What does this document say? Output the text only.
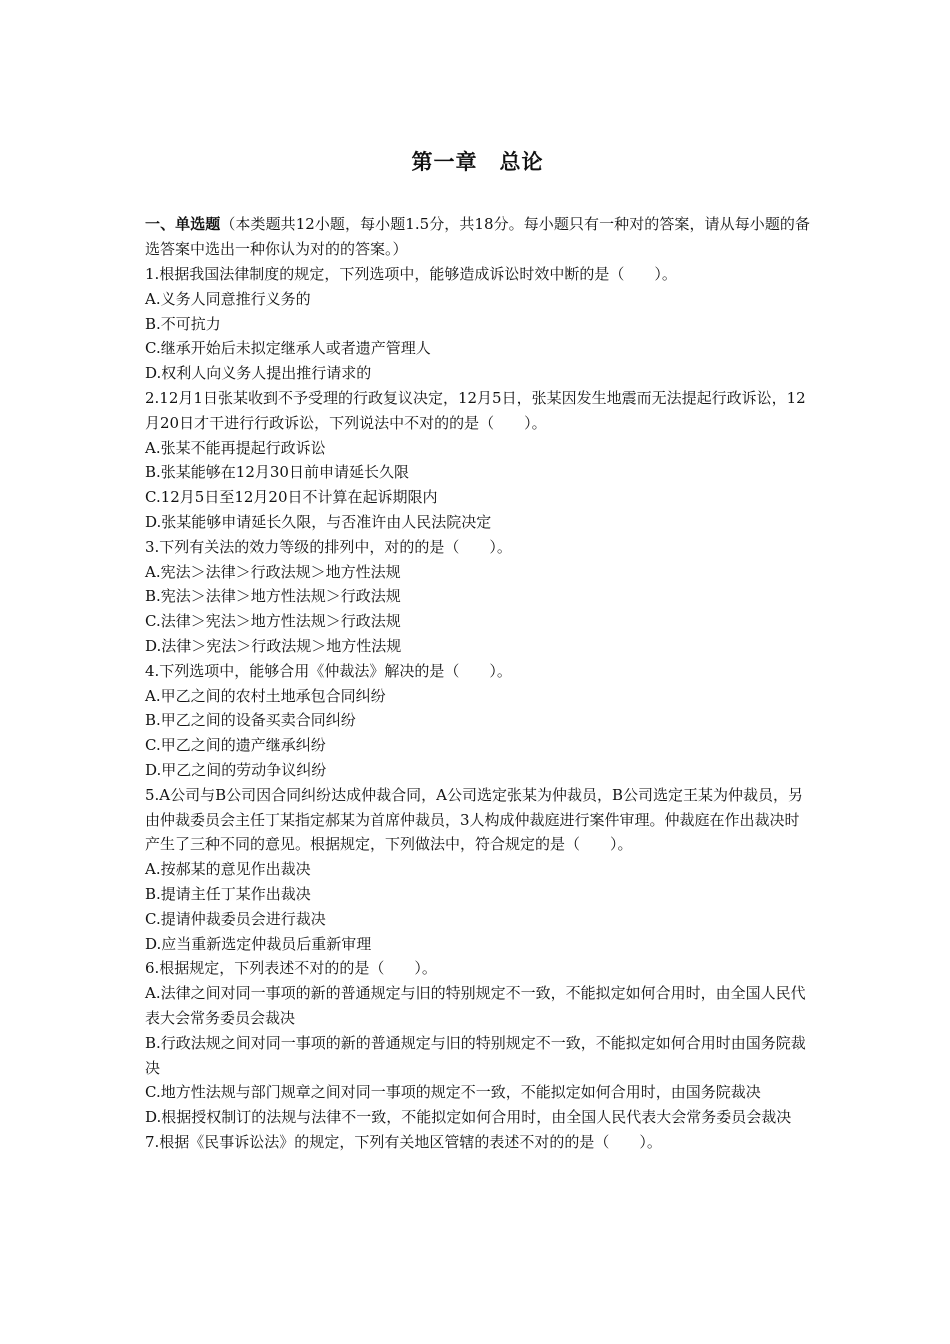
第一章 总论
一、单选题（本类题共12小题，每小题1.5分，共18分。每小题只有一种对的答案，请从每小题的备选答案中选出一种你认为对的的答案。）
1.根据我国法律制度的规定，下列选项中，能够造成诉讼时效中断的是（　　）。
A.义务人同意推行义务的
B.不可抗力
C.继承开始后未拟定继承人或者遗产管理人
D.权利人向义务人提出推行请求的
2.12月1日张某收到不予受理的行政复议决定，12月5日，张某因发生地震而无法提起行政诉讼，12月20日才干进行行政诉讼，下列说法中不对的的是（　　）。
A.张某不能再提起行政诉讼
B.张某能够在12月30日前申请延长久限
C.12月5日至12月20日不计算在起诉期限内
D.张某能够申请延长久限，与否准许由人民法院决定
3.下列有关法的效力等级的排列中，对的的是（　　）。
A.宪法＞法律＞行政法规＞地方性法规
B.宪法＞法律＞地方性法规＞行政法规
C.法律＞宪法＞地方性法规＞行政法规
D.法律＞宪法＞行政法规＞地方性法规
4.下列选项中，能够合用《仲裁法》解决的是（　　）。
A.甲乙之间的农村土地承包合同纠纷
B.甲乙之间的设备买卖合同纠纷
C.甲乙之间的遗产继承纠纷
D.甲乙之间的劳动争议纠纷
5.A公司与B公司因合同纠纷达成仲裁合同，A公司选定张某为仲裁员，B公司选定王某为仲裁员，另由仲裁委员会主任丁某指定郝某为首席仲裁员，3人构成仲裁庭进行案件审理。仲裁庭在作出裁决时产生了三种不同的意见。根据规定，下列做法中，符合规定的是（　　）。
A.按郝某的意见作出裁决
B.提请主任丁某作出裁决
C.提请仲裁委员会进行裁决
D.应当重新选定仲裁员后重新审理
6.根据规定，下列表述不对的的是（　　）。
A.法律之间对同一事项的新的普通规定与旧的特别规定不一致，不能拟定如何合用时，由全国人民代表大会常务委员会裁决
B.行政法规之间对同一事项的新的普通规定与旧的特别规定不一致，不能拟定如何合用时由国务院裁决
C.地方性法规与部门规章之间对同一事项的规定不一致，不能拟定如何合用时，由国务院裁决
D.根据授权制订的法规与法律不一致，不能拟定如何合用时，由全国人民代表大会常务委员会裁决
7.根据《民事诉讼法》的规定，下列有关地区管辖的表述不对的的是（　　）。
